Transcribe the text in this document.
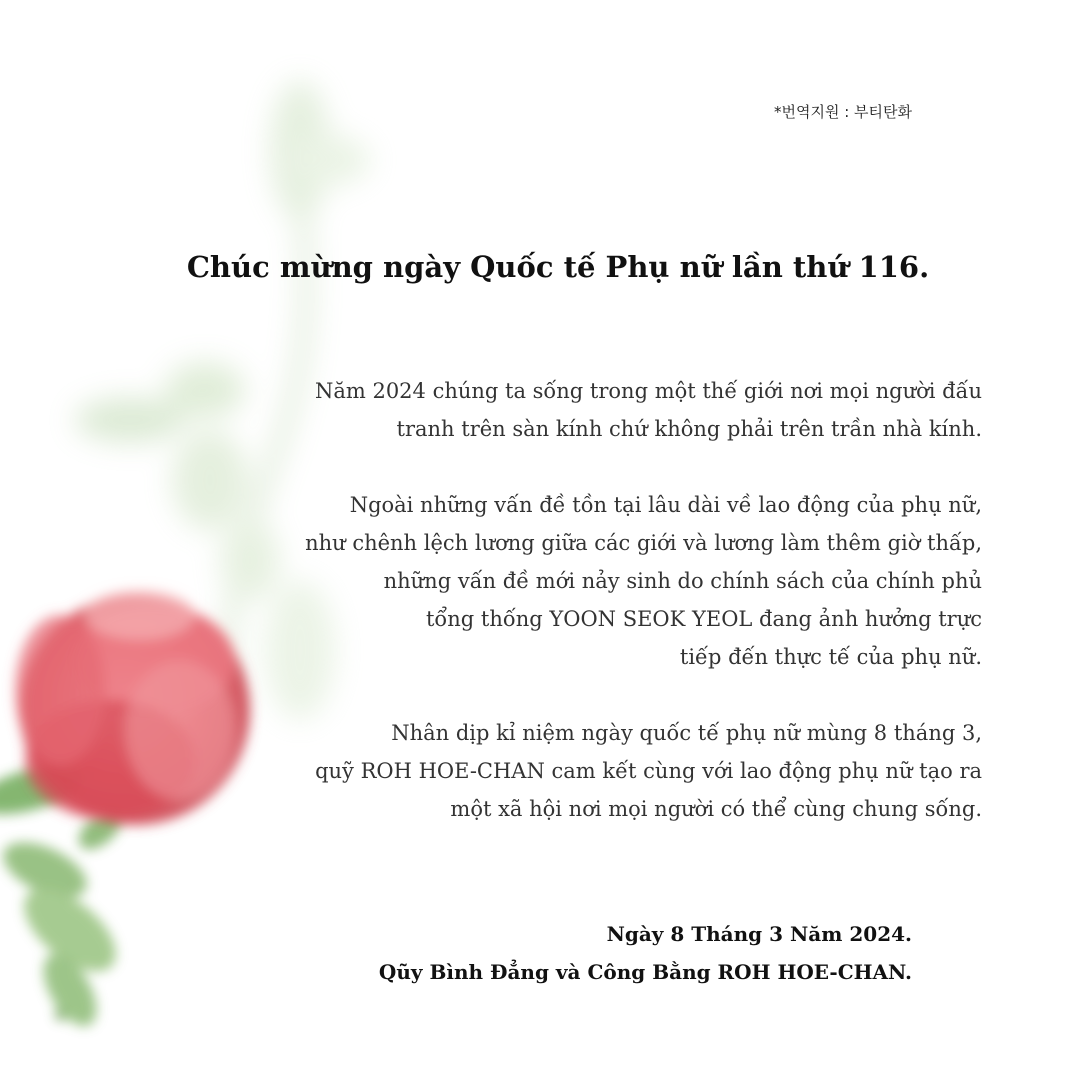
*번역지원 : 부티탄화
Chúc mừng ngày Quốc tế Phụ nữ lần thứ 116.

Năm 2024 chúng ta sống trong một thế giới nơi mọi người đấu
tranh trên sàn kính chứ không phải trên trần nhà kính.

Ngoài những vấn đề tồn tại lâu dài về lao động của phụ nữ,
như chênh lệch lương giữa các giới và lương làm thêm giờ thấp,
những vấn đề mới nảy sinh do chính sách của chính phủ
tổng thống YOON SEOK YEOL đang ảnh hưởng trực
tiếp đến thực tế của phụ nữ.

Nhân dịp kỉ niệm ngày quốc tế phụ nữ mùng 8 tháng 3,
quỹ ROH HOE-CHAN cam kết cùng với lao động phụ nữ tạo ra
một xã hội nơi mọi người có thể cùng chung sống.

Ngày 8 Tháng 3 Năm 2024.
Qũy Bình Đẳng và Công Bằng ROH HOE-CHAN.
